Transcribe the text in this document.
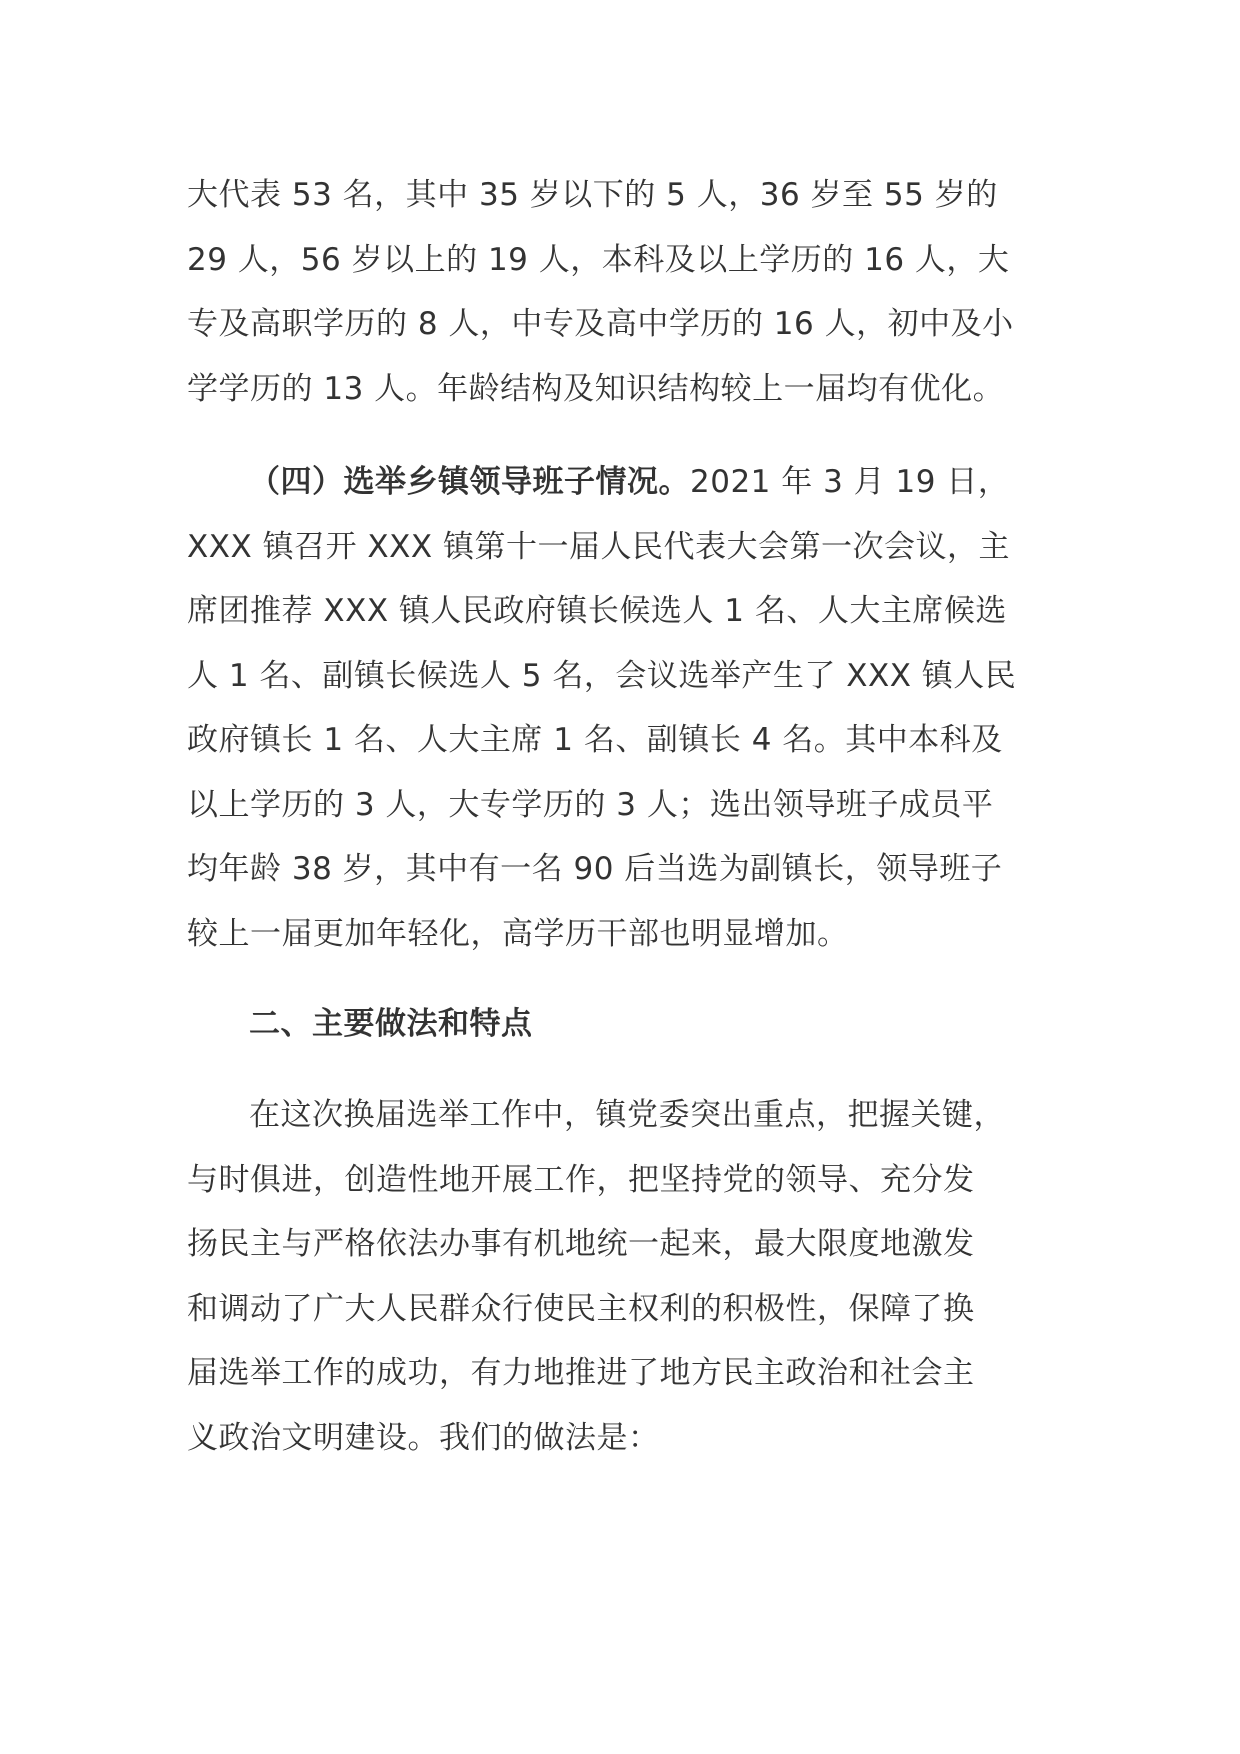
大代表 53 名，其中 35 岁以下的 5 人，36 岁至 55 岁的
29 人，56 岁以上的 19 人，本科及以上学历的 16 人，大
专及高职学历的 8 人，中专及高中学历的 16 人，初中及小
学学历的 13 人。年龄结构及知识结构较上一届均有优化。
（四）选举乡镇领导班子情况。2021 年 3 月 19 日，
XXX 镇召开 XXX 镇第十一届人民代表大会第一次会议，主
席团推荐 XXX 镇人民政府镇长候选人 1 名、人大主席候选
人 1 名、副镇长候选人 5 名，会议选举产生了 XXX 镇人民
政府镇长 1 名、人大主席 1 名、副镇长 4 名。其中本科及
以上学历的 3 人，大专学历的 3 人；选出领导班子成员平
均年龄 38 岁，其中有一名 90 后当选为副镇长，领导班子
较上一届更加年轻化，高学历干部也明显增加。
二、主要做法和特点
在这次换届选举工作中，镇党委突出重点，把握关键，
与时俱进，创造性地开展工作，把坚持党的领导、充分发
扬民主与严格依法办事有机地统一起来，最大限度地激发
和调动了广大人民群众行使民主权利的积极性，保障了换
届选举工作的成功，有力地推进了地方民主政治和社会主
义政治文明建设。我们的做法是：
